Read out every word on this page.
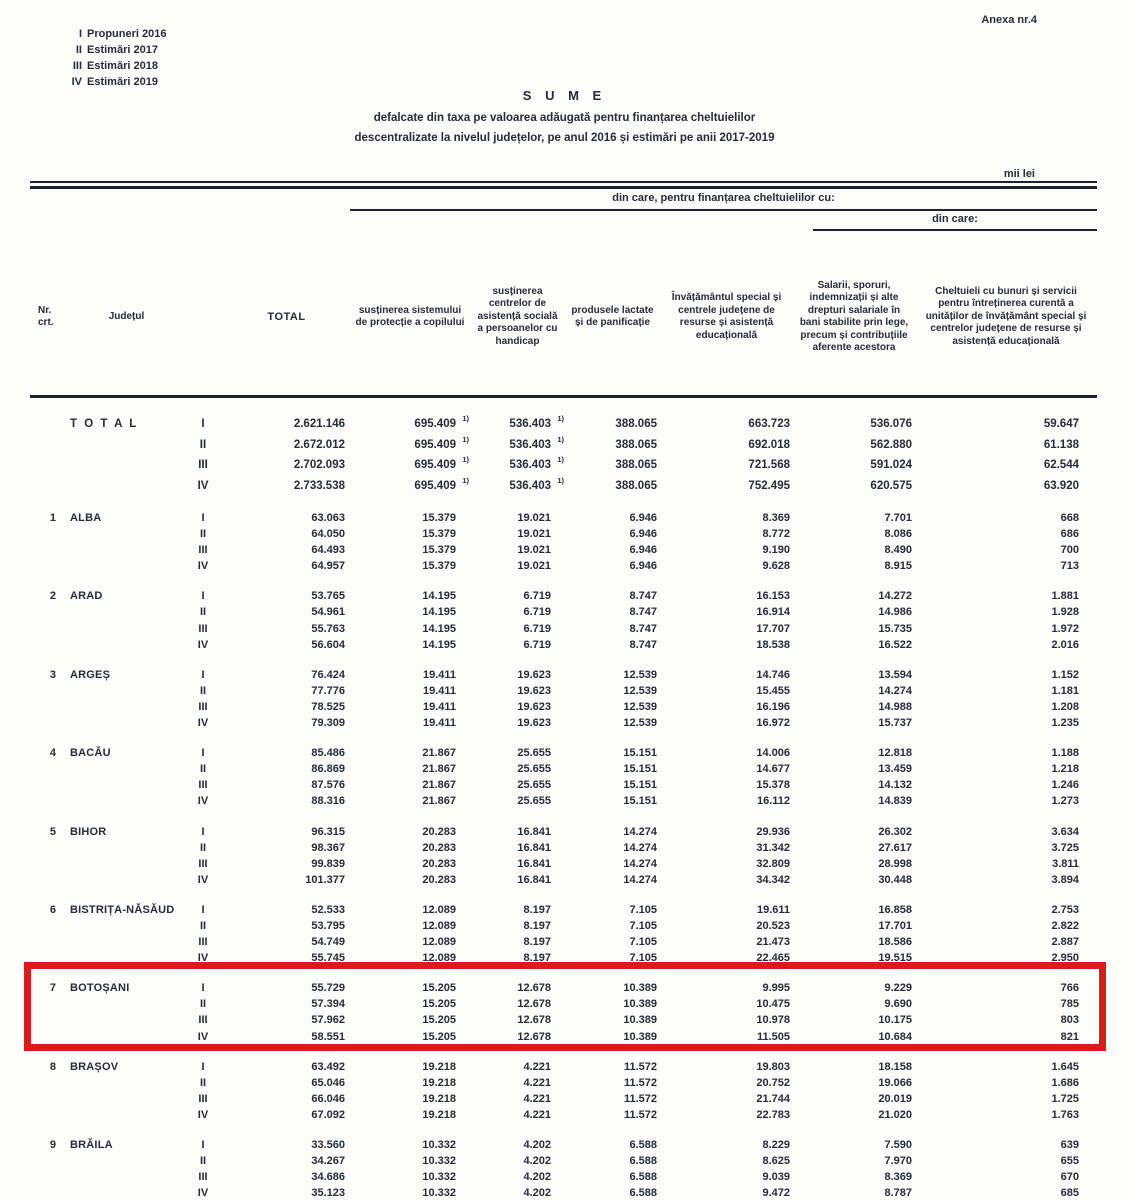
I Propuneri 2016
II Estimări 2017
III Estimări 2018
IV Estimări 2019
Anexa nr.4
S U M E
defalcate din taxa pe valoarea adăugată pentru finanțarea cheltuielilor
descentralizate la nivelul județelor, pe anul 2016 și estimări pe anii 2017-2019
mii lei
din care, pentru finanțarea cheltuielilor cu:
din care:
Nr. crt.
Județul	TOTAL
susținerea sistemului de protecție a copilului
susținerea centrelor de asistență socială a persoanelor cu handicap
produsele lactate și de panificație
Învățământul special și centrele județene de resurse și asistență educațională
Salarii, sporuri, indemnizații și alte drepturi salariale în bani stabilite prin lege, precum și contribuțiile aferente acestora
Cheltuieli cu bunuri și servicii pentru întreținerea curentă a unităților de învățământ special și centrelor județene de resurse și asistență educațională
T O T A L	I	2.621.146	695.409 1)	536.403 1)	388.065	663.723	536.076	59.647
II	2.672.012	695.409 1)	536.403 1)	388.065	692.018	562.880	61.138
III	2.702.093	695.409 1)	536.403 1)	388.065	721.568	591.024	62.544
IV	2.733.538	695.409 1)	536.403 1)	388.065	752.495	620.575	63.920
1	ALBA	I	63.063	15.379	19.021	6.946	8.369	7.701	668
II	64.050	15.379	19.021	6.946	8.772	8.086	686
III	64.493	15.379	19.021	6.946	9.190	8.490	700
IV	64.957	15.379	19.021	6.946	9.628	8.915	713
2	ARAD	I	53.765	14.195	6.719	8.747	16.153	14.272	1.881
II	54.961	14.195	6.719	8.747	16.914	14.986	1.928
III	55.763	14.195	6.719	8.747	17.707	15.735	1.972
IV	56.604	14.195	6.719	8.747	18.538	16.522	2.016
3	ARGEȘ	I	76.424	19.411	19.623	12.539	14.746	13.594	1.152
II	77.776	19.411	19.623	12.539	15.455	14.274	1.181
III	78.525	19.411	19.623	12.539	16.196	14.988	1.208
IV	79.309	19.411	19.623	12.539	16.972	15.737	1.235
4	BACĂU	I	85.486	21.867	25.655	15.151	14.006	12.818	1.188
II	86.869	21.867	25.655	15.151	14.677	13.459	1.218
III	87.576	21.867	25.655	15.151	15.378	14.132	1.246
IV	88.316	21.867	25.655	15.151	16.112	14.839	1.273
5	BIHOR	I	96.315	20.283	16.841	14.274	29.936	26.302	3.634
II	98.367	20.283	16.841	14.274	31.342	27.617	3.725
III	99.839	20.283	16.841	14.274	32.809	28.998	3.811
IV	101.377	20.283	16.841	14.274	34.342	30.448	3.894
6	BISTRIȚA-NĂSĂUD	I	52.533	12.089	8.197	7.105	19.611	16.858	2.753
II	53.795	12.089	8.197	7.105	20.523	17.701	2.822
III	54.749	12.089	8.197	7.105	21.473	18.586	2.887
IV	55.745	12.089	8.197	7.105	22.465	19.515	2.950
7	BOTOȘANI	I	55.729	15.205	12.678	10.389	9.995	9.229	766
II	57.394	15.205	12.678	10.389	10.475	9.690	785
III	57.962	15.205	12.678	10.389	10.978	10.175	803
IV	58.551	15.205	12.678	10.389	11.505	10.684	821
8	BRAȘOV	I	63.492	19.218	4.221	11.572	19.803	18.158	1.645
II	65.046	19.218	4.221	11.572	20.752	19.066	1.686
III	66.046	19.218	4.221	11.572	21.744	20.019	1.725
IV	67.092	19.218	4.221	11.572	22.783	21.020	1.763
9	BRĂILA	I	33.560	10.332	4.202	6.588	8.229	7.590	639
II	34.267	10.332	4.202	6.588	8.625	7.970	655
III	34.686	10.332	4.202	6.588	9.039	8.369	670
IV	35.123	10.332	4.202	6.588	9.472	8.787	685
